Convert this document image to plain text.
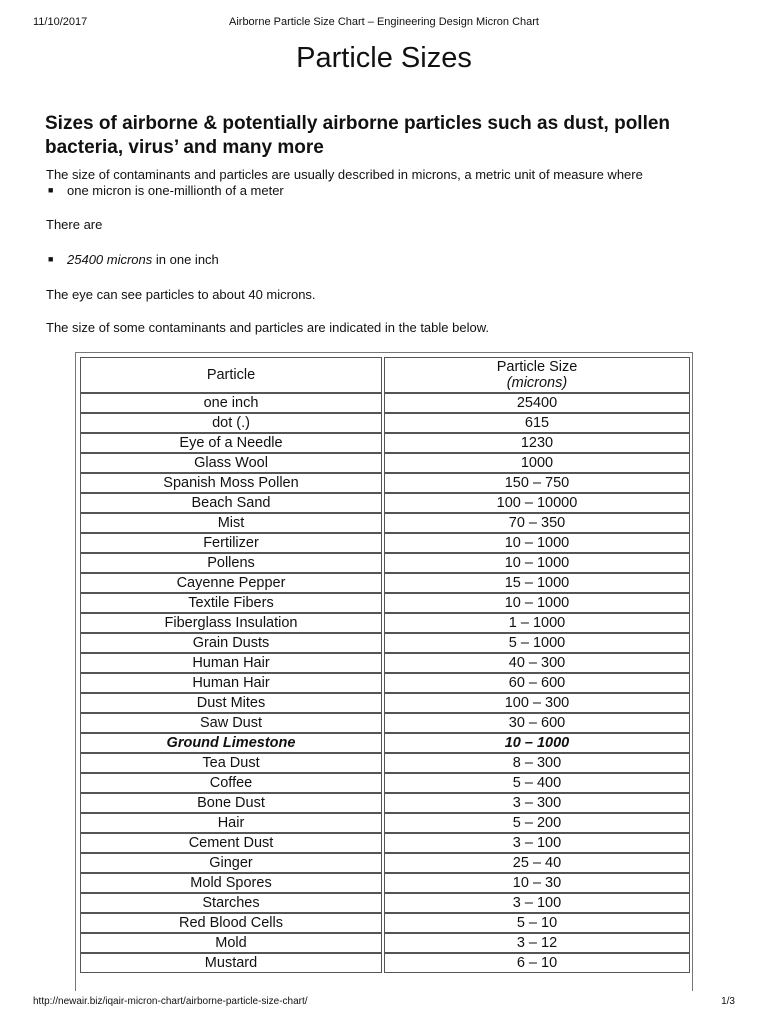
11/10/2017	Airborne Particle Size Chart – Engineering Design Micron Chart
Particle Sizes
Sizes of airborne & potentially airborne particles such as dust, pollen bacteria, virus’ and many more
The size of contaminants and particles are usually described in microns, a metric unit of measure where
■ one micron is one-millionth of a meter
There are
■ 25400 microns in one inch
The eye can see particles to about 40 microns.
The size of some contaminants and particles are indicated in the table below.
Particle	Particle Size
(microns)

one inch	25400
dot (.)	615
Eye of a Needle	1230
Glass Wool	1000
Spanish Moss Pollen	150 – 750
Beach Sand	100 – 10000
Mist	70 – 350
Fertilizer	10 – 1000
Pollens	10 – 1000
Cayenne Pepper	15 – 1000
Textile Fibers	10 – 1000
Fiberglass Insulation	1 – 1000
Grain Dusts	5 – 1000
Human Hair	40 – 300
Human Hair	60 – 600
Dust Mites	100 – 300
Saw Dust	30 – 600
Ground Limestone	10 – 1000
Tea Dust	8 – 300
Coffee	5 – 400
Bone Dust	3 – 300
Hair	5 – 200
Cement Dust	3 – 100
Ginger	25 – 40
Mold Spores	10 – 30
Starches	3 – 100
Red Blood Cells	5 – 10
Mold	3 – 12
Mustard	6 – 10
http://newair.biz/iqair-micron-chart/airborne-particle-size-chart/	1/3
